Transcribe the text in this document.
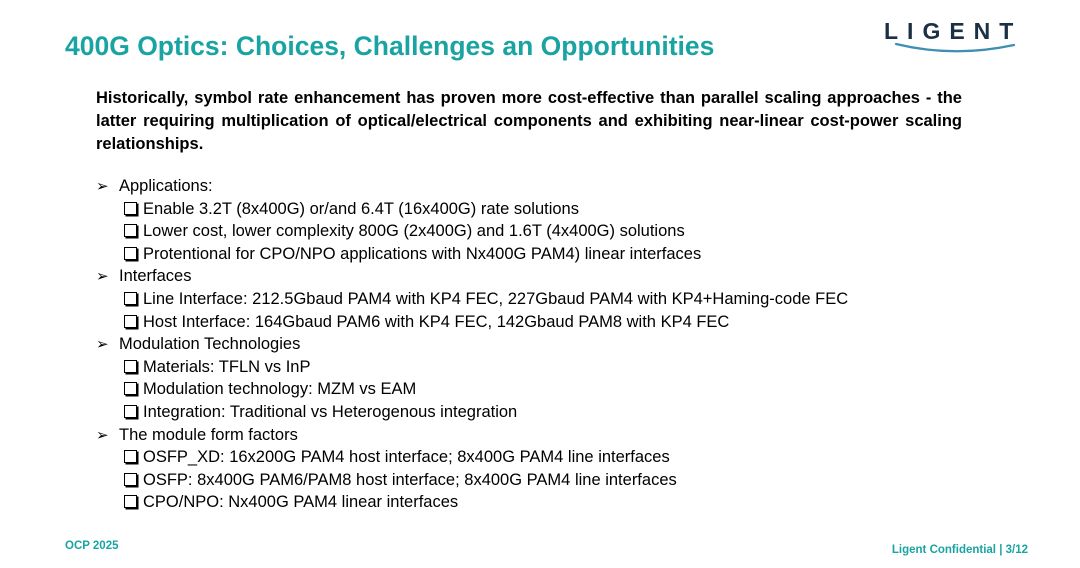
400G Optics: Choices, Challenges an Opportunities	LIGENT
Historically, symbol rate enhancement has proven more cost-effective than parallel scaling approaches - the latter requiring multiplication of optical/electrical components and exhibiting near-linear cost-power scaling relationships.
➢ Applications:
Enable 3.2T (8x400G) or/and 6.4T (16x400G) rate solutions
Lower cost, lower complexity 800G (2x400G) and 1.6T (4x400G) solutions
Protentional for CPO/NPO applications with Nx400G PAM4) linear interfaces
➢ Interfaces
Line Interface: 212.5Gbaud PAM4 with KP4 FEC, 227Gbaud PAM4 with KP4+Haming-code FEC
Host Interface: 164Gbaud PAM6 with KP4 FEC, 142Gbaud PAM8 with KP4 FEC
➢ Modulation Technologies
Materials: TFLN vs InP
Modulation technology: MZM vs EAM
Integration: Traditional vs Heterogenous integration
➢ The module form factors
OSFP_XD: 16x200G PAM4 host interface; 8x400G PAM4 line interfaces
OSFP: 8x400G PAM6/PAM8 host interface; 8x400G PAM4 line interfaces
CPO/NPO: Nx400G PAM4 linear interfaces
OCP 2025	Ligent Confidential | 3/12
